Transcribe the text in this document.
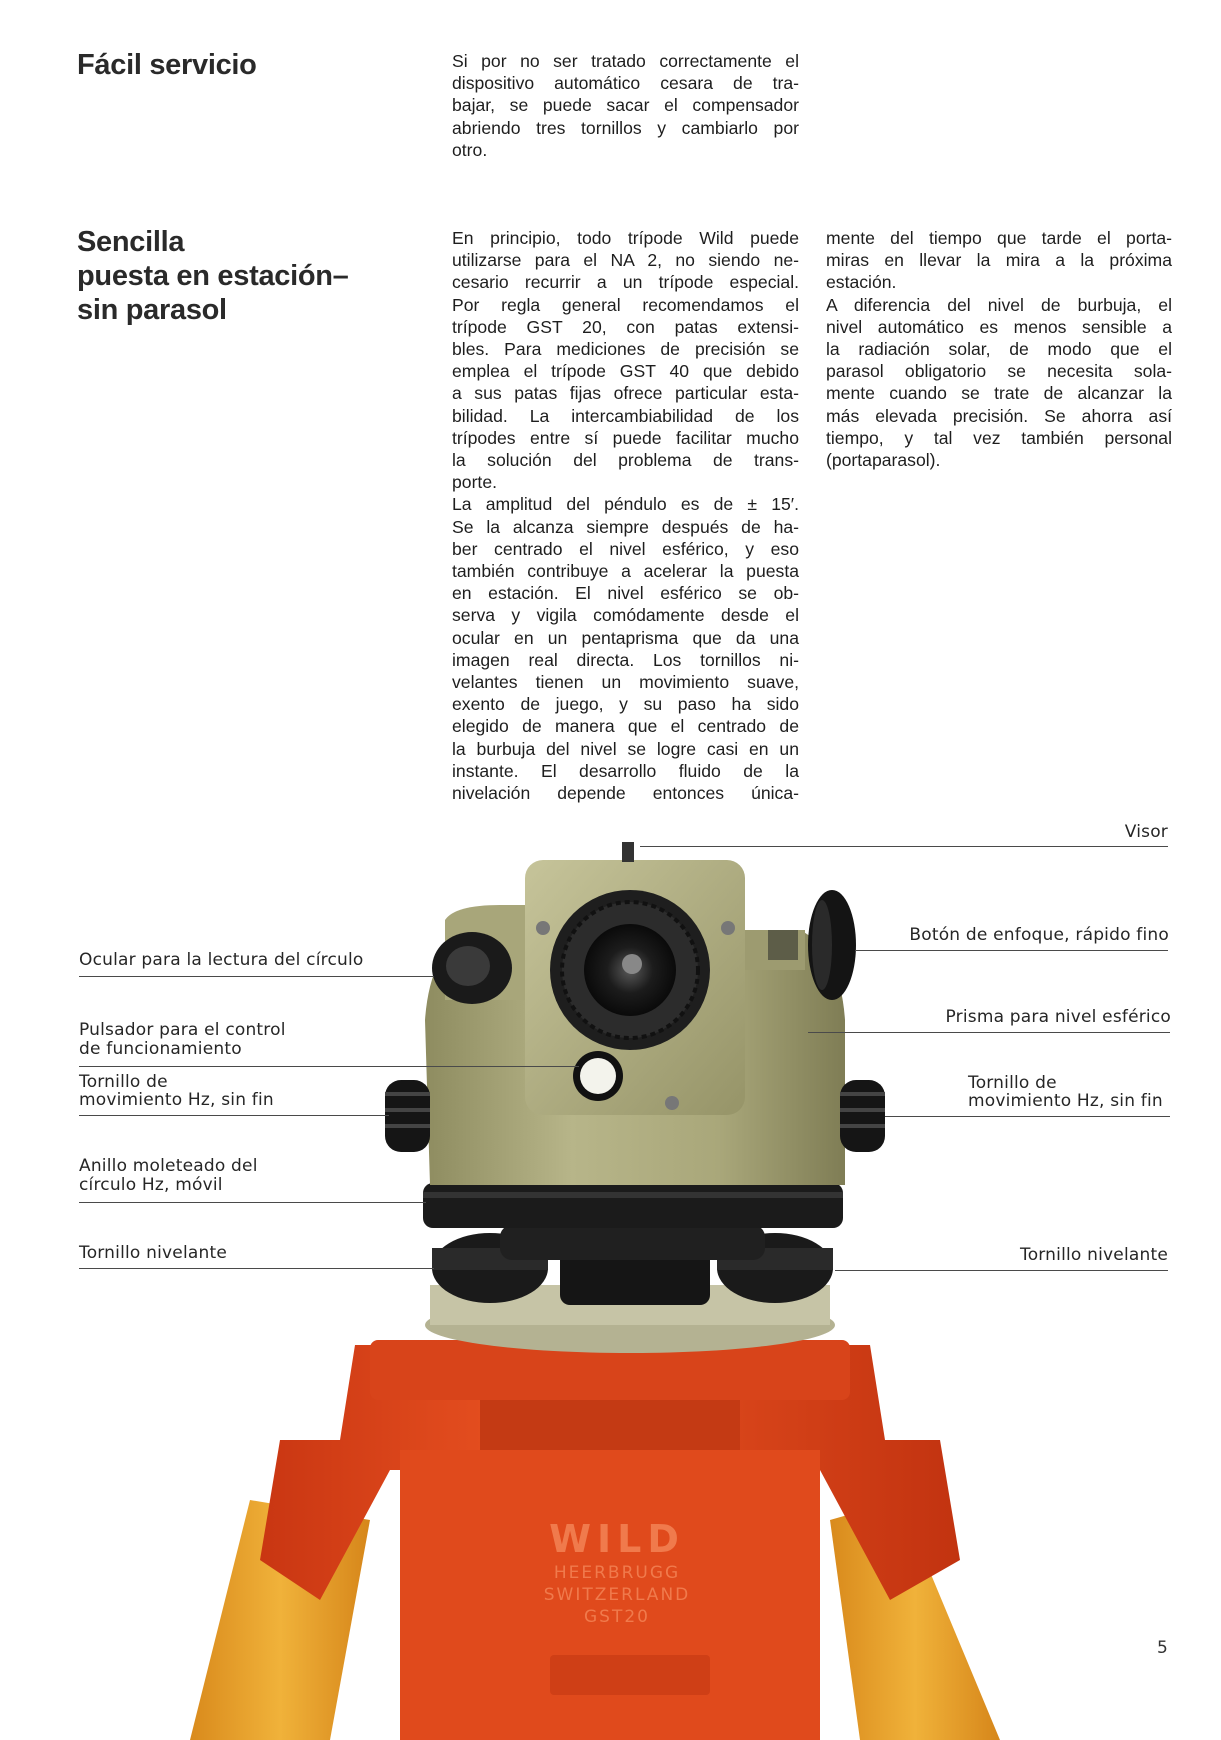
Fácil servicio	Si por no ser tratado correctamente el

dispositivo automático cesara de tra-

bajar, se puede sacar el compensador

abriendo tres tornillos y cambiarlo por

otro.

Sencilla
puesta en estación–
sin parasol

En principio, todo trípode Wild puede

utilizarse para el NA 2, no siendo ne-

cesario recurrir a un trípode especial.

Por regla general recomendamos el

trípode GST 20, con patas extensi-

bles. Para mediciones de precisión se

emplea el trípode GST 40 que debido

a sus patas fijas ofrece particular esta-

bilidad. La intercambiabilidad de los

trípodes entre sí puede facilitar mucho

la solución del problema de trans-

porte.

La amplitud del péndulo es de ± 15′.

Se la alcanza siempre después de ha-

ber centrado el nivel esférico, y eso

también contribuye a acelerar la puesta

en estación. El nivel esférico se ob-

serva y vigila comódamente desde el

ocular en un pentaprisma que da una

imagen real directa. Los tornillos ni-

velantes tienen un movimiento suave,

exento de juego, y su paso ha sido

elegido de manera que el centrado de

la burbuja del nivel se logre casi en un

instante. El desarrollo fluido de la

nivelación depende entonces única-

mente del tiempo que tarde el porta-

miras en llevar la mira a la próxima

estación.

A diferencia del nivel de burbuja, el

nivel automático es menos sensible a

la radiación solar, de modo que el

parasol obligatorio se necesita sola-

mente cuando se trate de alcanzar la

más elevada precisión. Se ahorra así

tiempo, y tal vez también personal

(portaparasol).

WILD
HEERBRUGG
SWITZERLAND
GST20
Ocular para la lectura del círculo
Pulsador para el control
de funcionamiento
Tornillo de
movimiento Hz, sin fin
Anillo moleteado del
círculo Hz, móvil
Tornillo nivelante
Visor
Botón de enfoque, rápido fino
Prisma para nivel esférico
Tornillo de
movimiento Hz, sin fin
Tornillo nivelante
5
